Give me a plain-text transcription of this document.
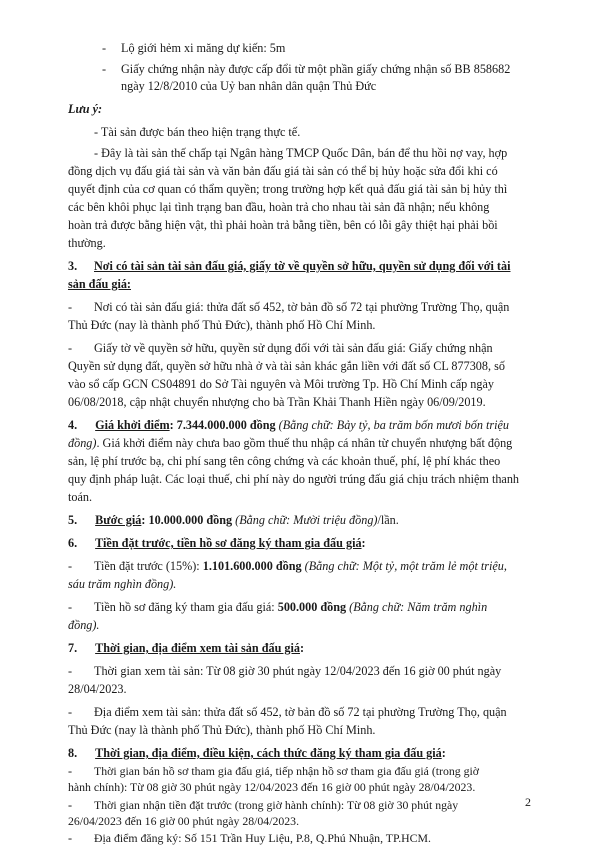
- Lộ giới hẻm xi măng dự kiến: 5m
- Giấy chứng nhận này được cấp đổi từ một phần giấy chứng nhận số BB 858682
ngày 12/8/2010 của Uỷ ban nhân dân quận Thủ Đức
Lưu ý:
- Tài sản được bán theo hiện trạng thực tế.
- Đây là tài sản thế chấp tại Ngân hàng TMCP Quốc Dân, bán để thu hồi nợ vay, hợp
đồng dịch vụ đấu giá tài sản và văn bản đấu giá tài sản có thể bị hủy hoặc sửa đổi khi có
quyết định của cơ quan có thẩm quyền; trong trường hợp kết quả đấu giá tài sản bị hủy thì
các bên khôi phục lại tình trạng ban đầu, hoàn trả cho nhau tài sản đã nhận; nếu không
hoàn trả được bằng hiện vật, thì phải hoàn trả bằng tiền, bên có lỗi gây thiệt hại phải bồi
thường.
3. Nơi có tài sản tài sản đấu giá, giấy tờ về quyền sở hữu, quyền sử dụng đối với tài
sản đấu giá:
- Nơi có tài sản đấu giá: thửa đất số 452, tờ bản đồ số 72 tại phường Trường Thọ, quận
Thủ Đức (nay là thành phố Thủ Đức), thành phố Hồ Chí Minh.
- Giấy tờ về quyền sở hữu, quyền sử dụng đối với tài sản đấu giá: Giấy chứng nhận
Quyền sử dụng đất, quyền sở hữu nhà ở và tài sản khác gắn liền với đất số CL 877308, số
vào sổ cấp GCN CS04891 do Sở Tài nguyên và Môi trường Tp. Hồ Chí Minh cấp ngày
06/08/2018, cập nhật chuyển nhượng cho bà Trần Khải Thanh Hiền ngày 06/09/2019.
4. Giá khởi điểm: 7.344.000.000 đồng (Bằng chữ: Bảy tỷ, ba trăm bốn mươi bốn triệu
đồng). Giá khởi điểm này chưa bao gồm thuế thu nhập cá nhân từ chuyển nhượng bất động
sản, lệ phí trước bạ, chi phí sang tên công chứng và các khoản thuế, phí, lệ phí khác theo
quy định pháp luật. Các loại thuế, chi phí này do người trúng đấu giá chịu trách nhiệm thanh
toán.
5. Bước giá: 10.000.000 đồng (Bằng chữ: Mười triệu đồng)/lần.
6. Tiền đặt trước, tiền hồ sơ đăng ký tham gia đấu giá:
- Tiền đặt trước (15%): 1.101.600.000 đồng (Bằng chữ: Một tỷ, một trăm lẻ một triệu,
sáu trăm nghìn đồng).
- Tiền hồ sơ đăng ký tham gia đấu giá: 500.000 đồng (Bằng chữ: Năm trăm nghìn
đồng).
7. Thời gian, địa điểm xem tài sản đấu giá:
- Thời gian xem tài sản: Từ 08 giờ 30 phút ngày 12/04/2023 đến 16 giờ 00 phút ngày
28/04/2023.
- Địa điểm xem tài sản: thửa đất số 452, tờ bản đồ số 72 tại phường Trường Thọ, quận
Thủ Đức (nay là thành phố Thủ Đức), thành phố Hồ Chí Minh.
8. Thời gian, địa điểm, điều kiện, cách thức đăng ký tham gia đấu giá:
- Thời gian bán hồ sơ tham gia đấu giá, tiếp nhận hồ sơ tham gia đấu giá (trong giờ
hành chính): Từ 08 giờ 30 phút ngày 12/04/2023 đến 16 giờ 00 phút ngày 28/04/2023.
- Thời gian nhận tiền đặt trước (trong giờ hành chính): Từ 08 giờ 30 phút ngày
26/04/2023 đến 16 giờ 00 phút ngày 28/04/2023.
- Địa điểm đăng ký: Số 151 Trần Huy Liệu, P.8, Q.Phú Nhuận, TP.HCM.
2
